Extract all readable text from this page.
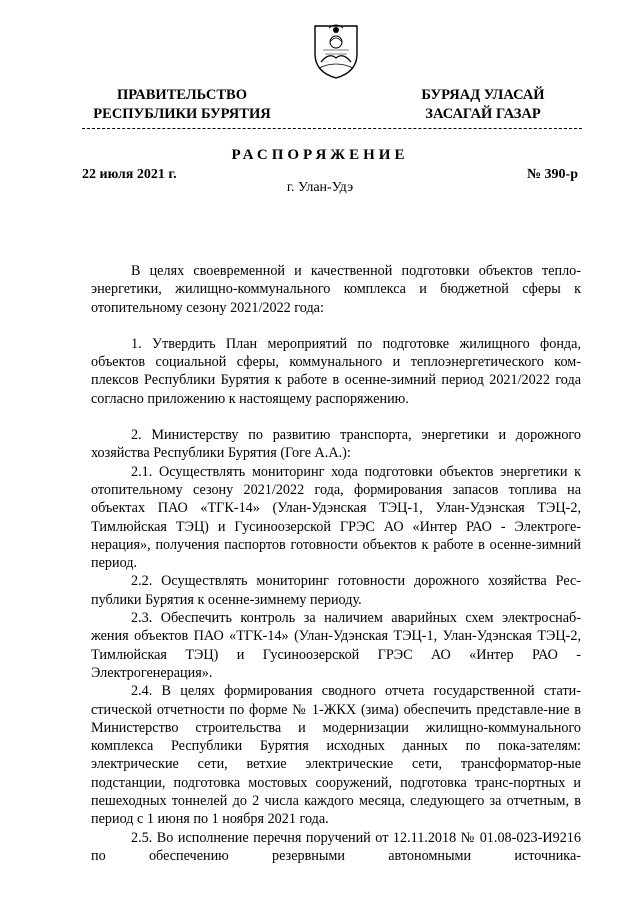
ПРАВИТЕЛЬСТВО
РЕСПУБЛИКИ БУРЯТИЯ
БУРЯАД УЛАСАЙ
ЗАСАГАЙ ГАЗАР
РАСПОРЯЖЕНИЕ
22 июля 2021 г.	№ 390-р
г. Улан-Удэ

В целях своевременной и качественной подготовки объектов тепло-энергетики, жилищно-коммунального комплекса и бюджетной сферы к отопительному сезону 2021/2022 года:

1. Утвердить План мероприятий по подготовке жилищного фонда, объектов социальной сферы, коммунального и теплоэнергетического ком-плексов Республики Бурятия к работе в осенне-зимний период 2021/2022 года согласно приложению к настоящему распоряжению.

2. Министерству по развитию транспорта, энергетики и дорожного хозяйства Республики Бурятия (Гоге А.А.):

2.1. Осуществлять мониторинг хода подготовки объектов энергетики к отопительному сезону 2021/2022 года, формирования запасов топлива на объектах ПАО «ТГК-14» (Улан-Удэнская ТЭЦ-1, Улан-Удэнская ТЭЦ-2, Тимлюйская ТЭЦ) и Гусиноозерской ГРЭС АО «Интер РАО - Электроге-нерация», получения паспортов готовности объектов к работе в осенне-зимний период.

2.2. Осуществлять мониторинг готовности дорожного хозяйства Рес-публики Бурятия к осенне-зимнему периоду.

2.3. Обеспечить контроль за наличием аварийных схем электроснаб-жения объектов ПАО «ТГК-14» (Улан-Удэнская ТЭЦ-1, Улан-Удэнская ТЭЦ-2, Тимлюйская ТЭЦ) и Гусиноозерской ГРЭС АО «Интер РАО - Электрогенерация».

2.4. В целях формирования сводного отчета государственной стати-стической отчетности по форме № 1-ЖКХ (зима) обеспечить представле-ние в Министерство строительства и модернизации жилищно-коммунального комплекса Республики Бурятия исходных данных по пока-зателям: электрические сети, ветхие электрические сети, трансформатор-ные подстанции, подготовка мостовых сооружений, подготовка транс-портных и пешеходных тоннелей до 2 числа каждого месяца, следующего за отчетным, в период с 1 июня по 1 ноября 2021 года.

2.5. Во исполнение перечня поручений от 12.11.2018 № 01.08-023-И9216 по обеспечению резервными автономными источника-
